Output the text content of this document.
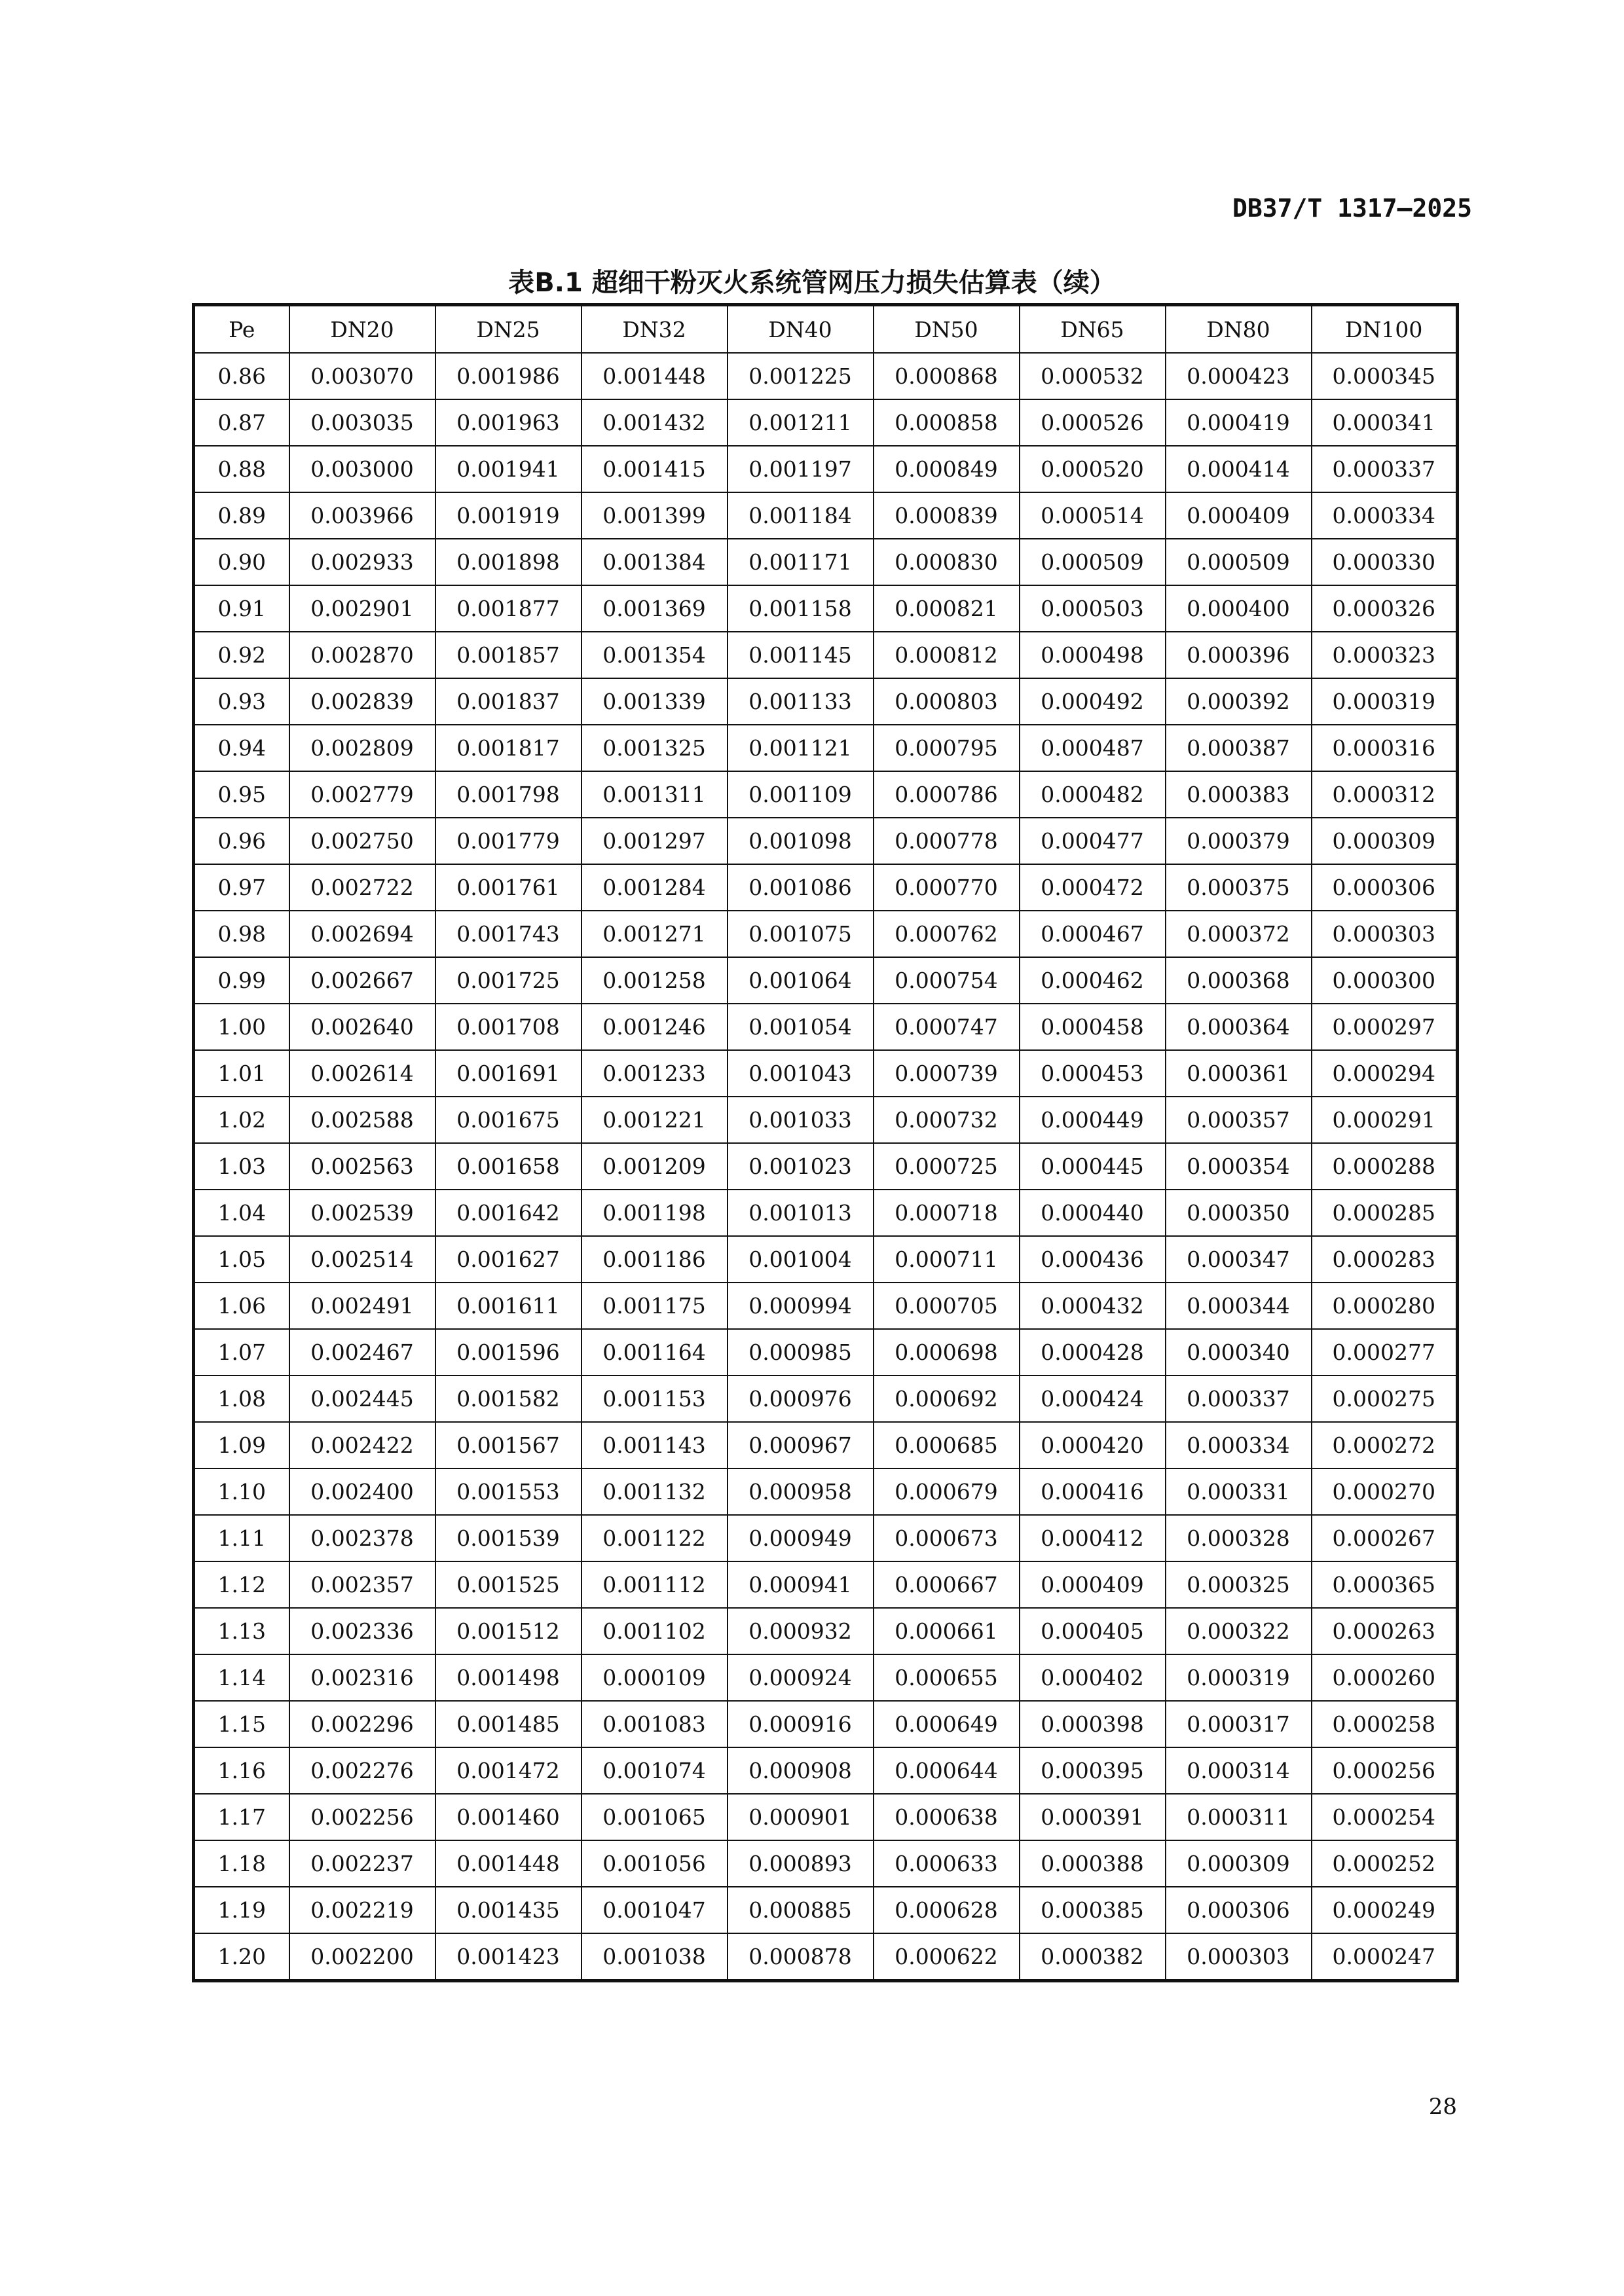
DB37/T 1317—2025
表B.1 超细干粉灭火系统管网压力损失估算表（续）
Pe	DN20	DN25	DN32	DN40	DN50	DN65	DN80	DN100
0.86	0.003070	0.001986	0.001448	0.001225	0.000868	0.000532	0.000423	0.000345
0.87	0.003035	0.001963	0.001432	0.001211	0.000858	0.000526	0.000419	0.000341
0.88	0.003000	0.001941	0.001415	0.001197	0.000849	0.000520	0.000414	0.000337
0.89	0.003966	0.001919	0.001399	0.001184	0.000839	0.000514	0.000409	0.000334
0.90	0.002933	0.001898	0.001384	0.001171	0.000830	0.000509	0.000509	0.000330
0.91	0.002901	0.001877	0.001369	0.001158	0.000821	0.000503	0.000400	0.000326
0.92	0.002870	0.001857	0.001354	0.001145	0.000812	0.000498	0.000396	0.000323
0.93	0.002839	0.001837	0.001339	0.001133	0.000803	0.000492	0.000392	0.000319
0.94	0.002809	0.001817	0.001325	0.001121	0.000795	0.000487	0.000387	0.000316
0.95	0.002779	0.001798	0.001311	0.001109	0.000786	0.000482	0.000383	0.000312
0.96	0.002750	0.001779	0.001297	0.001098	0.000778	0.000477	0.000379	0.000309
0.97	0.002722	0.001761	0.001284	0.001086	0.000770	0.000472	0.000375	0.000306
0.98	0.002694	0.001743	0.001271	0.001075	0.000762	0.000467	0.000372	0.000303
0.99	0.002667	0.001725	0.001258	0.001064	0.000754	0.000462	0.000368	0.000300
1.00	0.002640	0.001708	0.001246	0.001054	0.000747	0.000458	0.000364	0.000297
1.01	0.002614	0.001691	0.001233	0.001043	0.000739	0.000453	0.000361	0.000294
1.02	0.002588	0.001675	0.001221	0.001033	0.000732	0.000449	0.000357	0.000291
1.03	0.002563	0.001658	0.001209	0.001023	0.000725	0.000445	0.000354	0.000288
1.04	0.002539	0.001642	0.001198	0.001013	0.000718	0.000440	0.000350	0.000285
1.05	0.002514	0.001627	0.001186	0.001004	0.000711	0.000436	0.000347	0.000283
1.06	0.002491	0.001611	0.001175	0.000994	0.000705	0.000432	0.000344	0.000280
1.07	0.002467	0.001596	0.001164	0.000985	0.000698	0.000428	0.000340	0.000277
1.08	0.002445	0.001582	0.001153	0.000976	0.000692	0.000424	0.000337	0.000275
1.09	0.002422	0.001567	0.001143	0.000967	0.000685	0.000420	0.000334	0.000272
1.10	0.002400	0.001553	0.001132	0.000958	0.000679	0.000416	0.000331	0.000270
1.11	0.002378	0.001539	0.001122	0.000949	0.000673	0.000412	0.000328	0.000267
1.12	0.002357	0.001525	0.001112	0.000941	0.000667	0.000409	0.000325	0.000365
1.13	0.002336	0.001512	0.001102	0.000932	0.000661	0.000405	0.000322	0.000263
1.14	0.002316	0.001498	0.000109	0.000924	0.000655	0.000402	0.000319	0.000260
1.15	0.002296	0.001485	0.001083	0.000916	0.000649	0.000398	0.000317	0.000258
1.16	0.002276	0.001472	0.001074	0.000908	0.000644	0.000395	0.000314	0.000256
1.17	0.002256	0.001460	0.001065	0.000901	0.000638	0.000391	0.000311	0.000254
1.18	0.002237	0.001448	0.001056	0.000893	0.000633	0.000388	0.000309	0.000252
1.19	0.002219	0.001435	0.001047	0.000885	0.000628	0.000385	0.000306	0.000249
1.20	0.002200	0.001423	0.001038	0.000878	0.000622	0.000382	0.000303	0.000247
28
